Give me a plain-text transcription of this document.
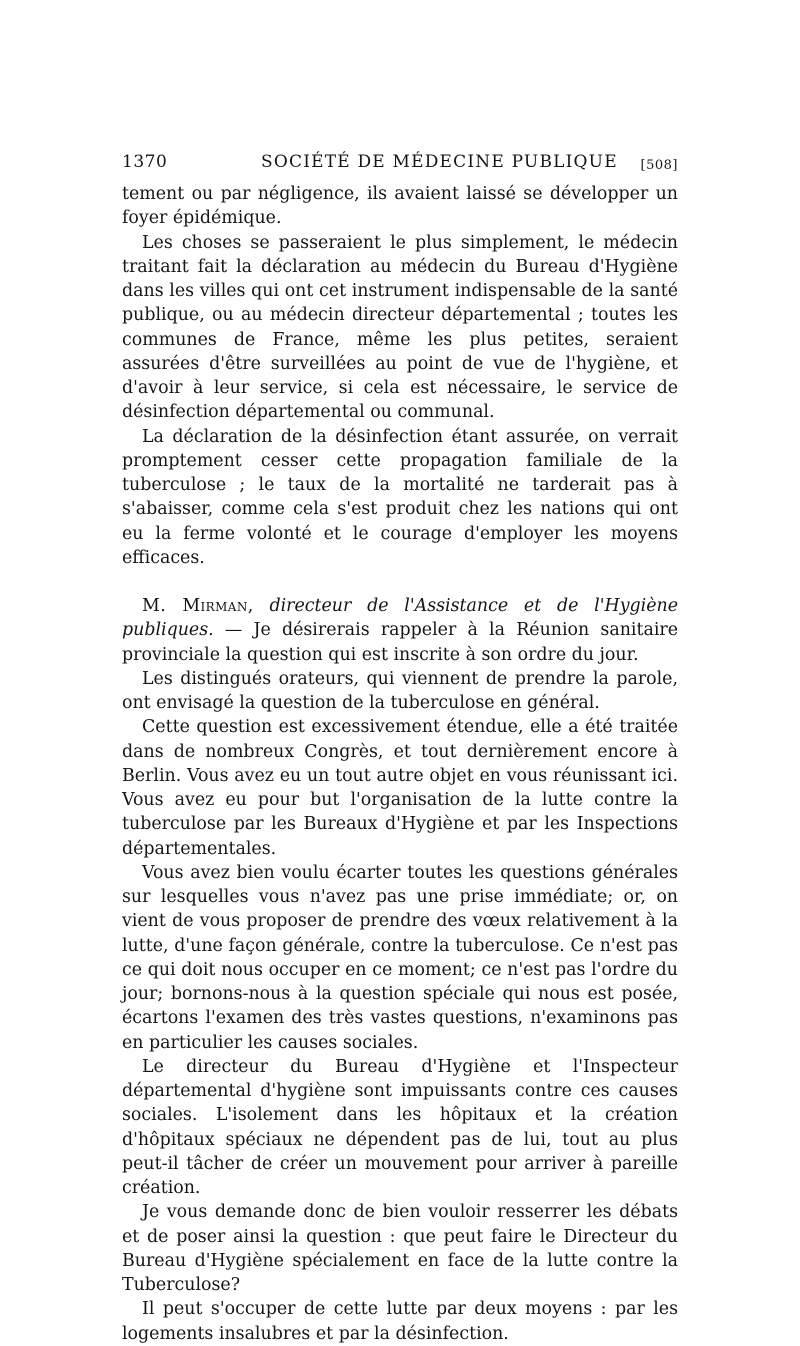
1370	SOCIÉTÉ DE MÉDECINE PUBLIQUE [508]

tement ou par négligence, ils avaient laissé se développer un foyer épidémique.

Les choses se passeraient le plus simplement, le médecin traitant fait la déclaration au médecin du Bureau d'Hygiène dans les villes qui ont cet instrument indispensable de la santé publique, ou au médecin directeur départemental ; toutes les communes de France, même les plus petites, seraient assurées d'être surveillées au point de vue de l'hygiène, et d'avoir à leur service, si cela est nécessaire, le service de désinfection départemental ou communal.

La déclaration de la désinfection étant assurée, on verrait promptement cesser cette propagation familiale de la tuberculose ; le taux de la mortalité ne tarderait pas à s'abaisser, comme cela s'est produit chez les nations qui ont eu la ferme volonté et le courage d'employer les moyens efficaces.

M. Mirman, directeur de l'Assistance et de l'Hygiène publiques. — Je désirerais rappeler à la Réunion sanitaire provinciale la question qui est inscrite à son ordre du jour.

Les distingués orateurs, qui viennent de prendre la parole, ont envisagé la question de la tuberculose en général.

Cette question est excessivement étendue, elle a été traitée dans de nombreux Congrès, et tout dernièrement encore à Berlin. Vous avez eu un tout autre objet en vous réunissant ici. Vous avez eu pour but l'organisation de la lutte contre la tuberculose par les Bureaux d'Hygiène et par les Inspections départementales.

Vous avez bien voulu écarter toutes les questions générales sur lesquelles vous n'avez pas une prise immédiate; or, on vient de vous proposer de prendre des vœux relativement à la lutte, d'une façon générale, contre la tuberculose. Ce n'est pas ce qui doit nous occuper en ce moment; ce n'est pas l'ordre du jour; bornons-nous à la question spéciale qui nous est posée, écartons l'examen des très vastes questions, n'examinons pas en particulier les causes sociales.

Le directeur du Bureau d'Hygiène et l'Inspecteur départemental d'hygiène sont impuissants contre ces causes sociales. L'isolement dans les hôpitaux et la création d'hôpitaux spéciaux ne dépendent pas de lui, tout au plus peut-il tâcher de créer un mouvement pour arriver à pareille création.

Je vous demande donc de bien vouloir resserrer les débats et de poser ainsi la question : que peut faire le Directeur du Bureau d'Hygiène spécialement en face de la lutte contre la Tuberculose?

Il peut s'occuper de cette lutte par deux moyens : par les logements insalubres et par la désinfection.
